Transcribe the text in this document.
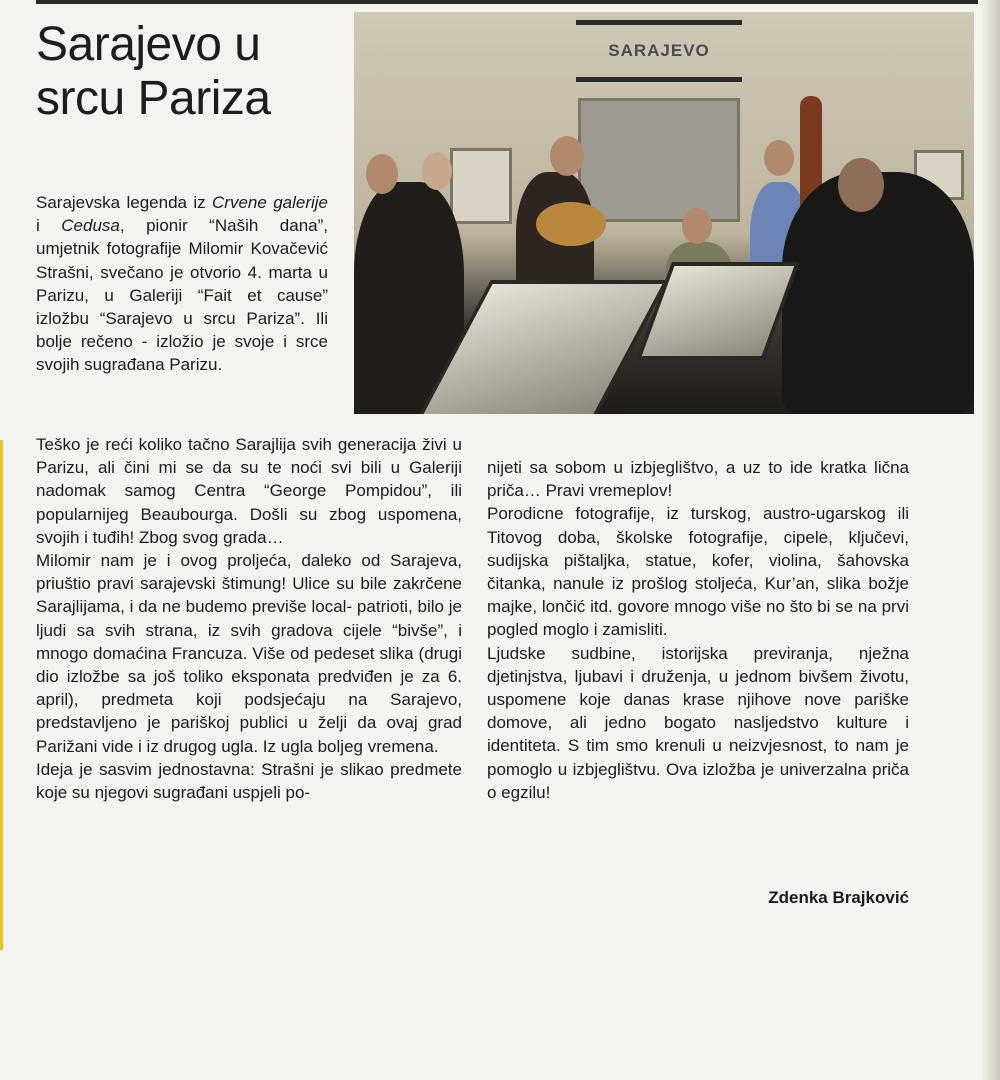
Sarajevo u srcu Pariza
SARAJEVO

Sarajevska legenda iz Crvene galerije i Cedusa, pionir “Naših dana”, umjetnik fotografije Milomir Kovačević Strašni, svečano je otvorio 4. marta u Parizu, u Galeriji “Fait et cause” izložbu “Sarajevo u srcu Pariza”. Ili bolje rečeno - izložio je svoje i srce svojih sugrađana Parizu.

Teško je reći koliko tačno Sarajlija svih generacija živi u Parizu, ali čini mi se da su te noći svi bili u Galeriji nadomak samog Centra “George Pompidou”, ili popularnijeg Beaubourga. Došli su zbog uspomena, svojih i tuđih! Zbog svog grada…

Milomir nam je i ovog proljeća, daleko od Sarajeva, priuštio pravi sarajevski štimung! Ulice su bile zakrčene Sarajlijama, i da ne budemo previše local- patrioti, bilo je ljudi sa svih strana, iz svih gradova cijele “bivše”, i mnogo domaćina Francuza. Više od pedeset slika (drugi dio izložbe sa još toliko eksponata predviđen je za 6. april), predmeta koji podsjećaju na Sarajevo, predstavljeno je pariškoj publici u želji da ovaj grad Parižani vide i iz drugog ugla. Iz ugla boljeg vremena.

Ideja je sasvim jednostavna: Strašni je slikao predmete koje su njegovi sugrađani uspjeli po-

nijeti sa sobom u izbjeglištvo, a uz to ide kratka lična priča… Pravi vremeplov!

Porodicne fotografije, iz turskog, austro-ugarskog ili Titovog doba, školske fotografije, cipele, ključevi, sudijska pištaljka, statue, kofer, violina, šahovska čitanka, nanule iz prošlog stoljeća, Kur’an, slika božje majke, lončić itd. govore mnogo više no što bi se na prvi pogled moglo i zamisliti.

Ljudske sudbine, istorijska previranja, nježna djetinjstva, ljubavi i druženja, u jednom bivšem životu, uspomene koje danas krase njihove nove pariške domove, ali jedno bogato nasljedstvo kulture i identiteta. S tim smo krenuli u neizvjesnost, to nam je pomoglo u izbjeglištvu. Ova izložba je univerzalna priča o egzilu!

Zdenka Brajković
